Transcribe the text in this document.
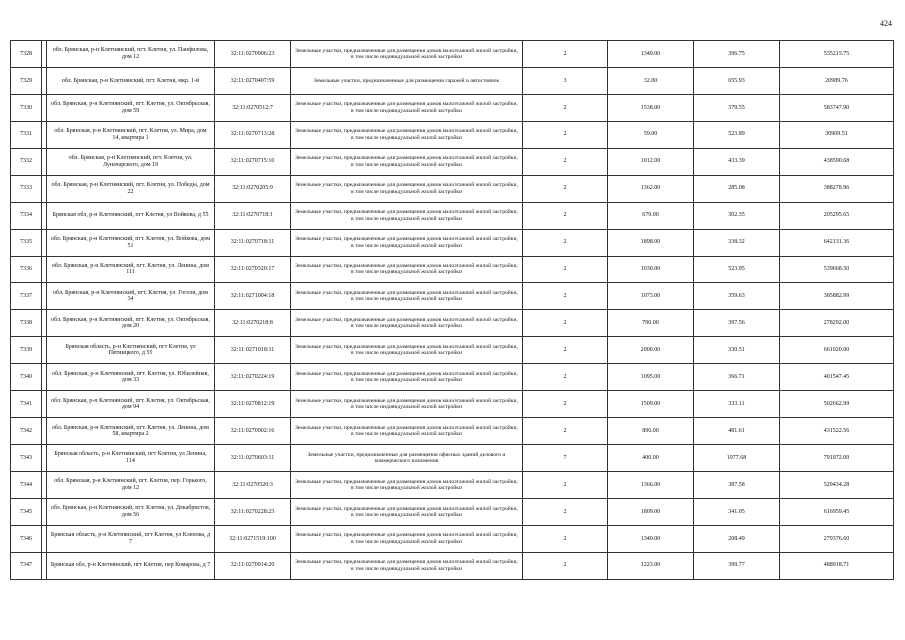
424
7328		обл. Брянская, р-н Клетнянский, пгт. Клетня, ул. Панфилова, дом 12	32:11:0270906:23	Земельные участки, предназначенные для размещения домов малоэтажной жилой застройки, в том числе индивидуальной жилой застройки	2	1349.00	396.75	535215.75
7329		обл. Брянская, р-н Клетнянский, пгт. Клетня, мкр. 1-й	32:11:0270407:59	Земельные участки, предназначенные для размещения гаражей и автостоянок	3	32.00	655.93	20989.76
7330		обл. Брянская, р-н Клетнянский, пгт. Клетня, ул. Октябрьская, дом 59	32:11:0270512:7	Земельные участки, предназначенные для размещения домов малоэтажной жилой застройки, в том числе индивидуальной жилой застройки	2	1538.00	379.55	583747.90
7331		обл. Брянская, р-н Клетнянский, пгт. Клетня, ул. Мира, дом 14, квартира 1	32:11:0270713:28	Земельные участки, предназначенные для размещения домов малоэтажной жилой застройки, в том числе индивидуальной жилой застройки	2	59.00	523.89	30909.51
7332		обл. Брянская, р-н Клетнянский, пгт. Клетня, ул. Луначарского, дом 19	32:11:0270715:10	Земельные участки, предназначенные для размещения домов малоэтажной жилой застройки, в том числе индивидуальной жилой застройки	2	1012.00	433.39	438590.68
7333		обл. Брянская, р-н Клетнянский, пгт. Клетня, ул. Победы, дом 22	32:11:0270205:9	Земельные участки, предназначенные для размещения домов малоэтажной жилой застройки, в том числе индивидуальной жилой застройки	2	1362.00	285.08	388278.96
7334		Брянская обл, р-н Клетнянский, пгт Клетня, ул Войкова, д 55	32:11:0270718:1	Земельные участки, предназначенные для размещения домов малоэтажной жилой застройки, в том числе индивидуальной жилой застройки	2	679.00	302.35	205295.65
7335		обл. Брянская, р-н Клетнянский, пгт. Клетня, ул. Войкова, дом 51	32:11:0270718:11	Земельные участки, предназначенные для размещения домов малоэтажной жилой застройки, в том числе индивидуальной жилой застройки	2	1898.00	338.32	642131.36
7336		обл. Брянская, р-н Клетнянский, пгт. Клетня, ул. Ленина, дом 111	32:11:0270320:17	Земельные участки, предназначенные для размещения домов малоэтажной жилой застройки, в том числе индивидуальной жилой застройки	2	1030.00	523.95	539668.50
7337		обл. Брянская, р-н Клетнянский, пгт. Клетня, ул. Гоголя, дом 34	32:11:0271004:18	Земельные участки, предназначенные для размещения домов малоэтажной жилой застройки, в том числе индивидуальной жилой застройки	2	1073.00	359.63	385882.99
7338		обл. Брянская, р-н Клетнянский, пгт. Клетня, ул. Октябрьская, дом 20	32:11:0270218:8	Земельные участки, предназначенные для размещения домов малоэтажной жилой застройки, в том числе индивидуальной жилой застройки	2	700.00	397.56	278292.00
7339		Брянская область, р-н Клетнянский, пгт Клетня, ул Пятницкого, д 55	32:11:0271018:11	Земельные участки, предназначенные для размещения домов малоэтажной жилой застройки, в том числе индивидуальной жилой застройки	2	2000.00	330.51	661020.00
7340		обл. Брянская, р-н Клетнянский, пгт. Клетня, ул. Юбилейная, дом 33	32:11:0270224:19	Земельные участки, предназначенные для размещения домов малоэтажной жилой застройки, в том числе индивидуальной жилой застройки	2	1095.00	366.71	401547.45
7341		обл. Брянская, р-н Клетнянский, пгт. Клетня, ул. Октябрьская, дом 94	32:11:0270812:19	Земельные участки, предназначенные для размещения домов малоэтажной жилой застройки, в том числе индивидуальной жилой застройки	2	1509.00	333.11	502662.99
7342		обл. Брянская, р-н Клетнянский, пгт. Клетня, ул. Ленина, дом 58, квартира 2	32:11:0270902:16	Земельные участки, предназначенные для размещения домов малоэтажной жилой застройки, в том числе индивидуальной жилой застройки	2	896.00	481.61	431522.56
7343		Брянская область, р-н Клетнянский, пгт Клетня, ул Ленина, 114	32:11:0270603:11	Земельные участки, предназначенные для размещения офисных зданий делового и коммерческого назначения	7	400.00	1977.68	791072.00
7344		обл. Брянская, р-н Клетнянский, пгт. Клетня, пер. Горького, дом 12	32:11:0270520:3	Земельные участки, предназначенные для размещения домов малоэтажной жилой застройки, в том числе индивидуальной жилой застройки	2	1366.00	387.58	529434.28
7345		обл. Брянская, р-н Клетнянский, пгт. Клетня, ул. Декабристов, дом 56	32:11:0270228:23	Земельные участки, предназначенные для размещения домов малоэтажной жилой застройки, в том числе индивидуальной жилой застройки	2	1809.00	341.05	616959.45
7346		Брянская область, р-н Клетнянский, пгт Клетня, ул Клепова, д 7	32:11:0271519:100	Земельные участки, предназначенные для размещения домов малоэтажной жилой застройки, в том числе индивидуальной жилой застройки	2	1340.00	208.49	279376.60
7347		Брянская обл, р-н Клетнянский, пгт Клетня, пер Комарова, д 7	32:11:0270914:20	Земельные участки, предназначенные для размещения домов малоэтажной жилой застройки, в том числе индивидуальной жилой застройки	2	1223.00	399.77	488918.71
